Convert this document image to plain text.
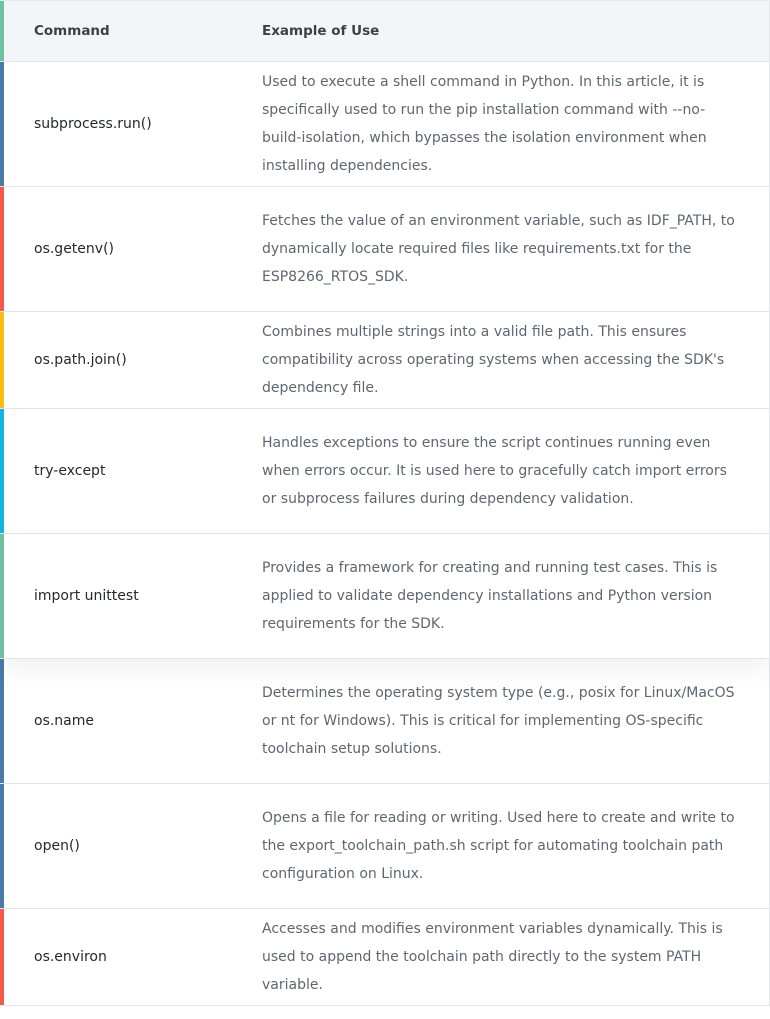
Command	Example of Use
subprocess.run()
Used to execute a shell command in Python. In this article, it is specifically used to run the pip installation command with --no-build-isolation, which bypasses the isolation environment when installing dependencies.
os.getenv()
Fetches the value of an environment variable, such as IDF_PATH, to dynamically locate required files like requirements.txt for the ESP8266_RTOS_SDK.
os.path.join()
Combines multiple strings into a valid file path. This ensures compatibility across operating systems when accessing the SDK's dependency file.
try-except
Handles exceptions to ensure the script continues running even when errors occur. It is used here to gracefully catch import errors or subprocess failures during dependency validation.
import unittest
Provides a framework for creating and running test cases. This is applied to validate dependency installations and Python version requirements for the SDK.
os.name
Determines the operating system type (e.g., posix for Linux/MacOS or nt for Windows). This is critical for implementing OS-specific toolchain setup solutions.
open()
Opens a file for reading or writing. Used here to create and write to the export_toolchain_path.sh script for automating toolchain path configuration on Linux.
os.environ
Accesses and modifies environment variables dynamically. This is used to append the toolchain path directly to the system PATH variable.
